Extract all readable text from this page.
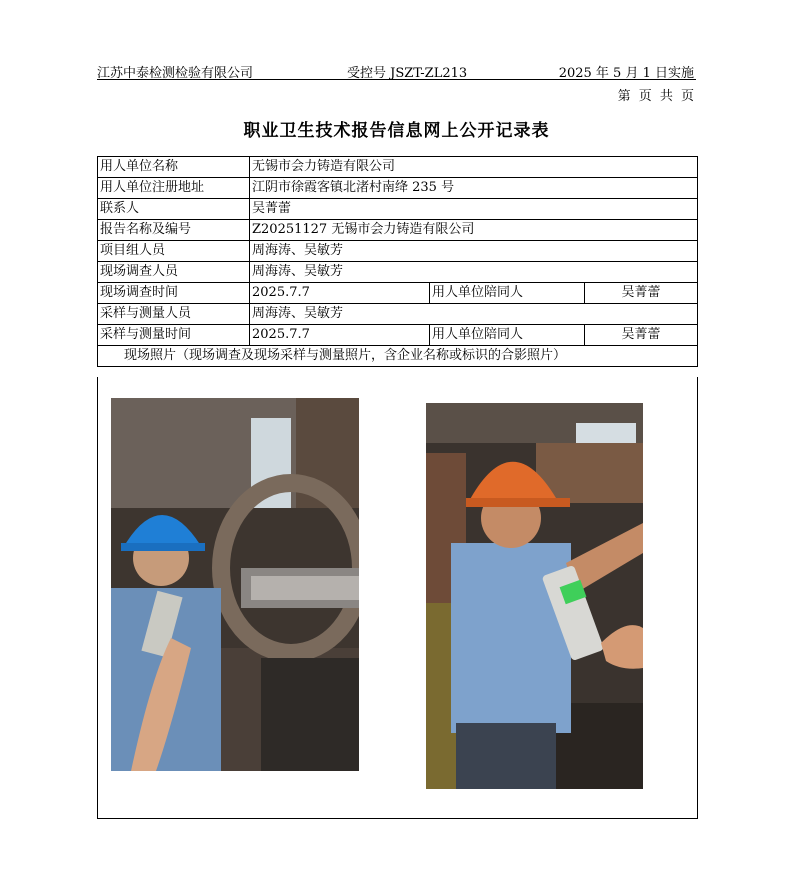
江苏中泰检测检验有限公司	受控号 JSZT-ZL213	2025 年 5 月 1 日实施
第 页 共 页
职业卫生技术报告信息网上公开记录表
用人单位名称	无锡市会力铸造有限公司		
用人单位注册地址	江阴市徐霞客镇北渚村南绛 235 号		
联系人	吴菁蕾		
报告名称及编号	Z20251127 无锡市会力铸造有限公司		
项目组人员	周海涛、吴敏芳		
现场调查人员	周海涛、吴敏芳		
现场调查时间	2025.7.7	用人单位陪同人	吴菁蕾
采样与测量人员	周海涛、吴敏芳		
采样与测量时间	2025.7.7	用人单位陪同人	吴菁蕾
现场照片（现场调查及现场采样与测量照片，含企业名称或标识的合影照片）			
